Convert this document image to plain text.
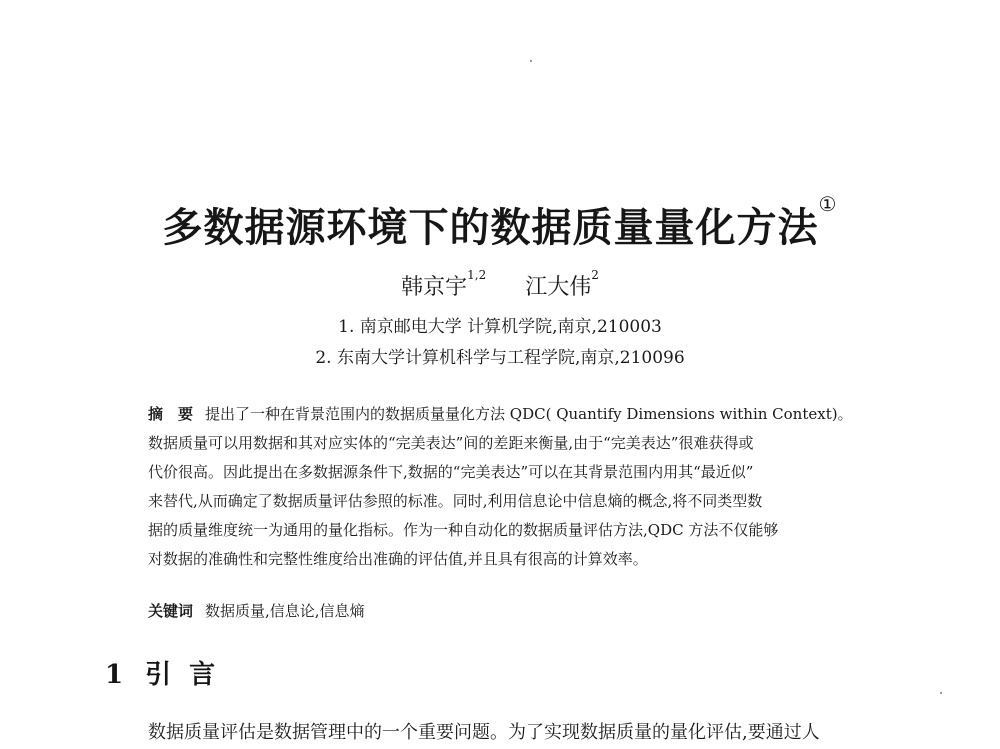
多数据源环境下的数据质量量化方法①
韩京宇$^{1,2}$ 江大伟$^2$
1. 南京邮电大学 计算机学院,南京,210003
2. 东南大学计算机科学与工程学院,南京,210096
摘　要 提出了一种在背景范围内的数据质量量化方法 QDC( Quantify Dimensions within Context)。
数据质量可以用数据和其对应实体的“完美表达”间的差距来衡量,由于“完美表达”很难获得或
代价很高。因此提出在多数据源条件下,数据的“完美表达”可以在其背景范围内用其“最近似”
来替代,从而确定了数据质量评估参照的标准。同时,利用信息论中信息熵的概念,将不同类型数
据的质量维度统一为通用的量化指标。作为一种自动化的数据质量评估方法,QDC 方法不仅能够
对数据的准确性和完整性维度给出准确的评估值,并且具有很高的计算效率。
关键词 数据质量,信息论,信息熵
1 引言
数据质量评估是数据管理中的一个重要问题。为了实现数据质量的量化评估,要通过人
